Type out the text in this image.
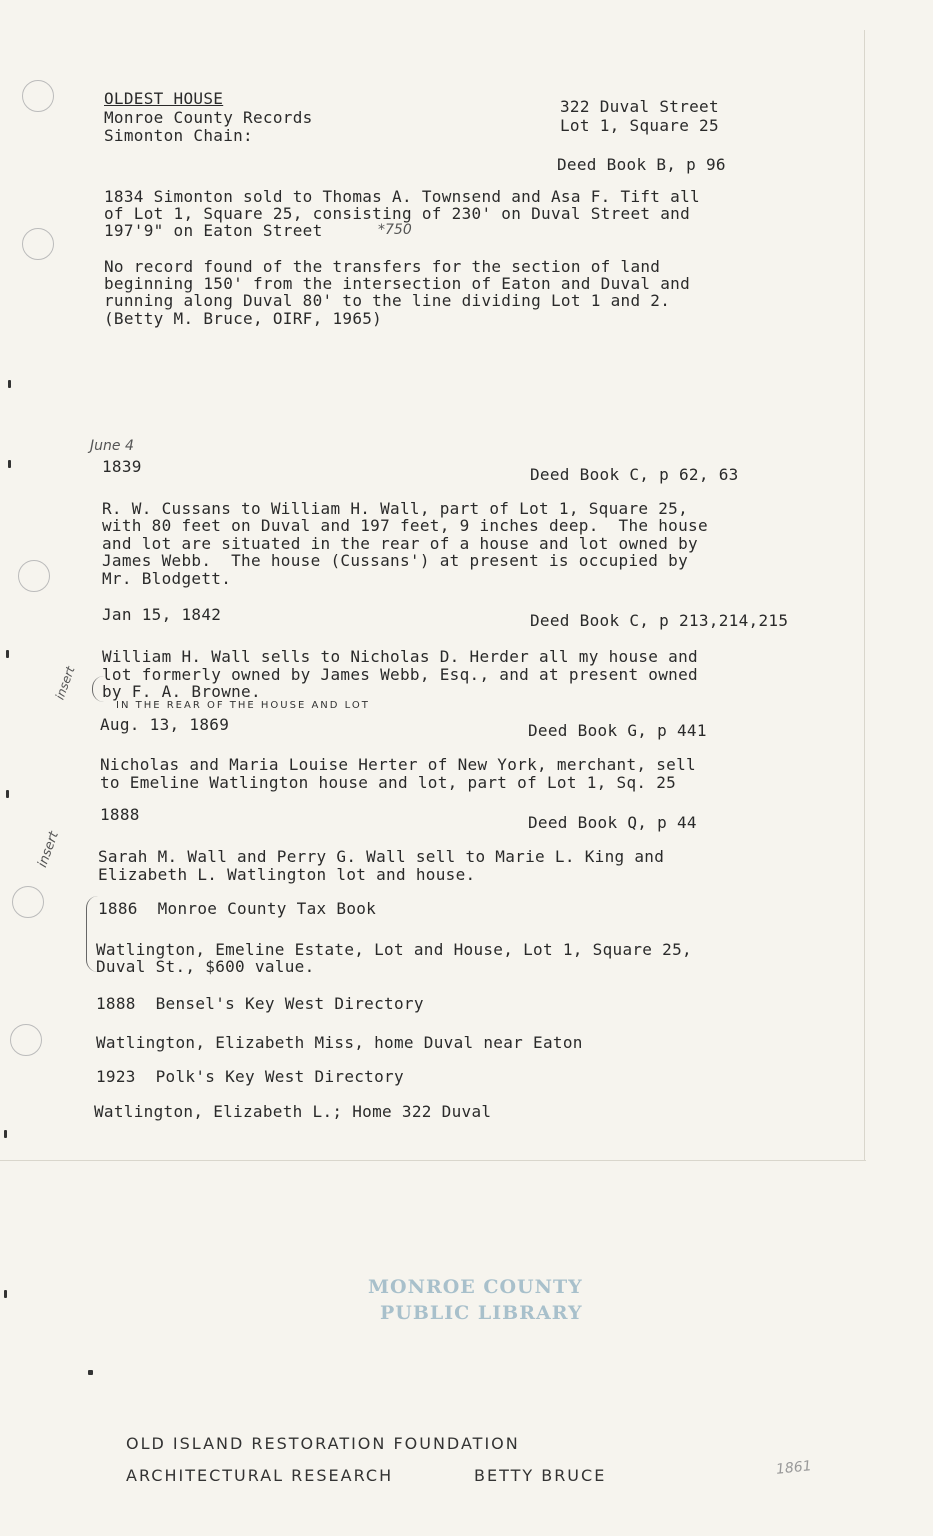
OLDEST HOUSE
Monroe County Records
Simonton Chain:
322 Duval Street
Lot 1, Square 25
Deed Book B, p 96
1834 Simonton sold to Thomas A. Townsend and Asa F. Tift all
of Lot 1, Square 25, consisting of 230' on Duval Street and
197'9" on Eaton Street	*750
No record found of the transfers for the section of land
beginning 150' from the intersection of Eaton and Duval and
running along Duval 80' to the line dividing Lot 1 and 2.
(Betty M. Bruce, OIRF, 1965)
June 4
1839	Deed Book C, p 62, 63
R. W. Cussans to William H. Wall, part of Lot 1, Square 25,
with 80 feet on Duval and 197 feet, 9 inches deep.  The house
and lot are situated in the rear of a house and lot owned by
James Webb.  The house (Cussans') at present is occupied by
Mr. Blodgett.
Jan 15, 1842	Deed Book C, p 213,214,215
insert
William H. Wall sells to Nicholas D. Herder all my house and
lot formerly owned by James Webb, Esq., and at present owned
by F. A. Browne.
IN THE REAR OF THE HOUSE AND LOT
Aug. 13, 1869	Deed Book G, p 441
Nicholas and Maria Louise Herter of New York, merchant, sell
to Emeline Watlington house and lot, part of Lot 1, Sq. 25
insert
1888	Deed Book Q, p 44
Sarah M. Wall and Perry G. Wall sell to Marie L. King and
Elizabeth L. Watlington lot and house.
1886  Monroe County Tax Book
Watlington, Emeline Estate, Lot and House, Lot 1, Square 25,
Duval St., $600 value.
1888  Bensel's Key West Directory
Watlington, Elizabeth Miss, home Duval near Eaton
1923  Polk's Key West Directory
Watlington, Elizabeth L.; Home 322 Duval
MONROE COUNTY
PUBLIC LIBRARY
OLD ISLAND RESTORATION FOUNDATION
ARCHITECTURAL RESEARCH	BETTY BRUCE	1861
